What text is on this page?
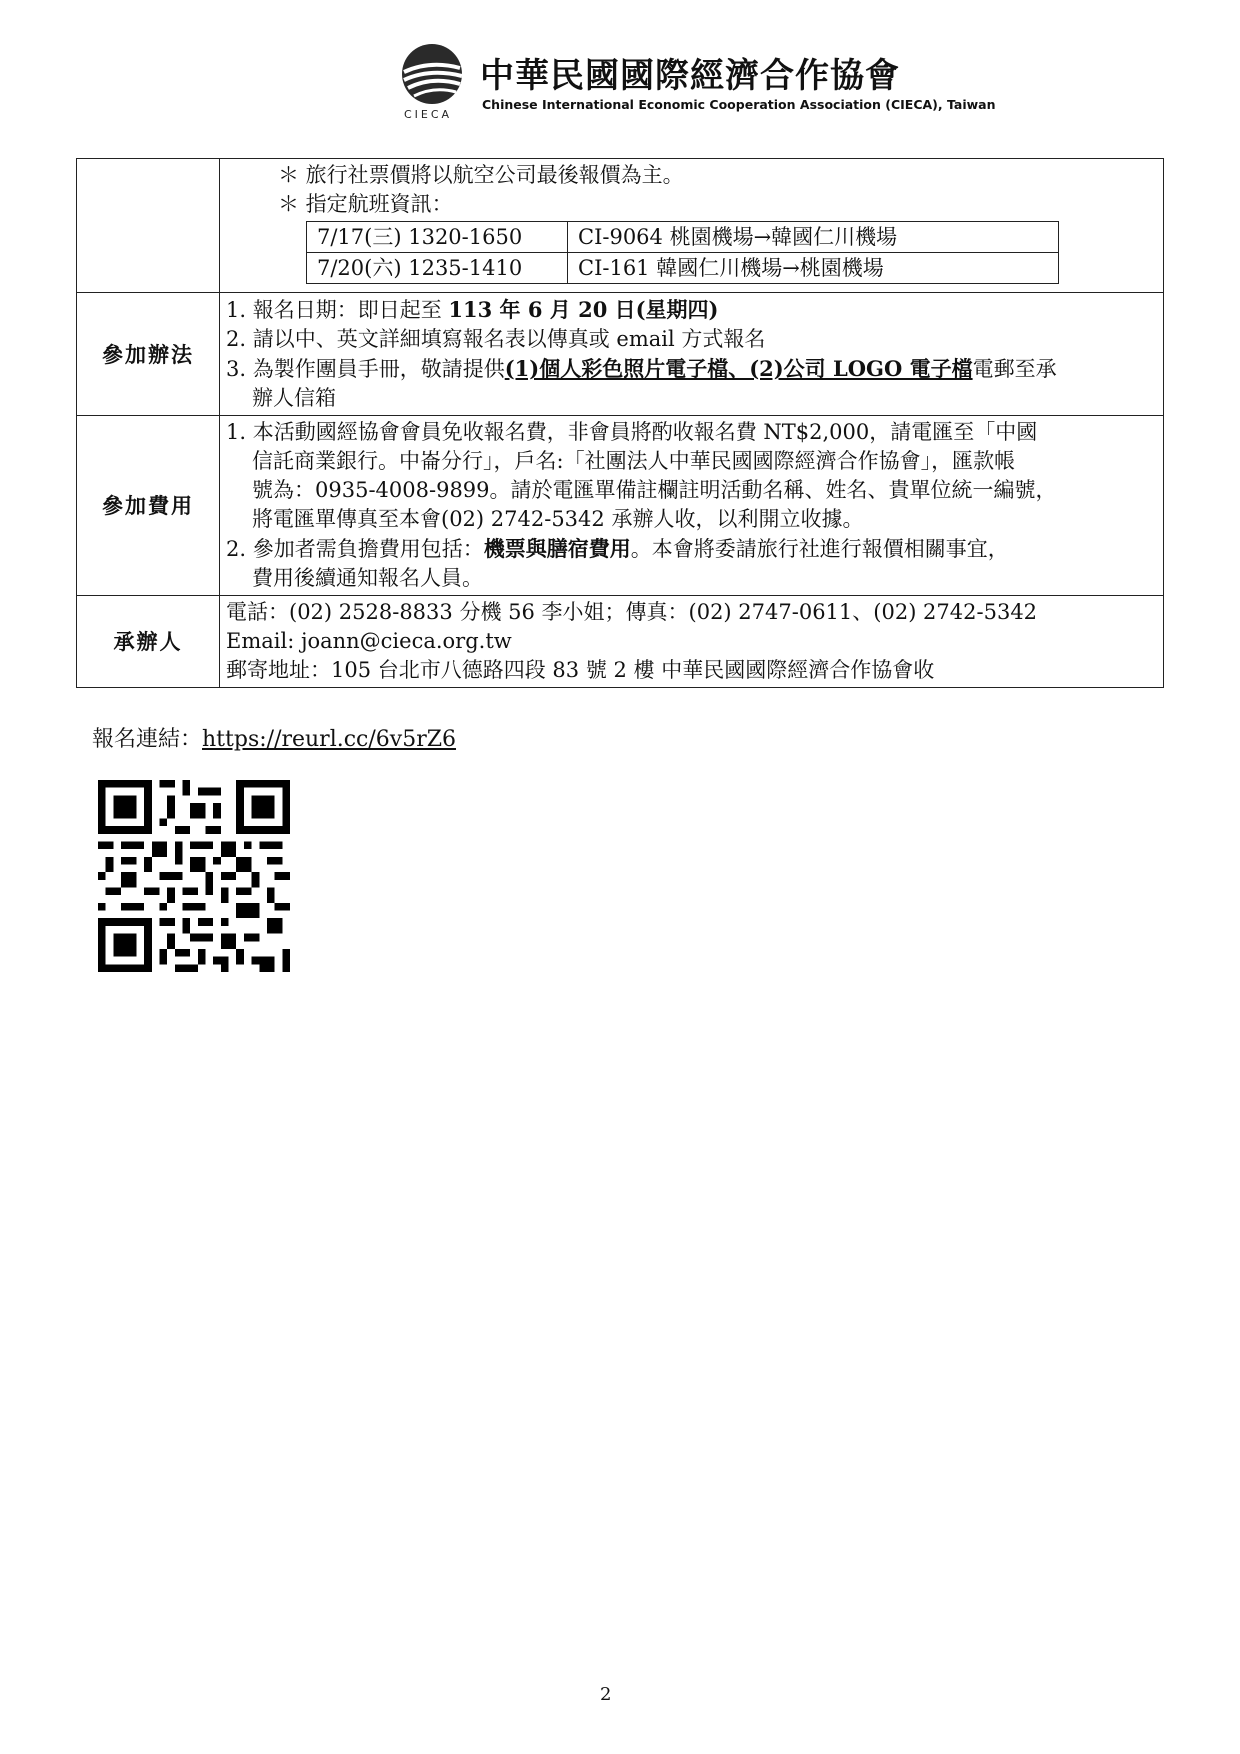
CIECA
中華民國國際經濟合作協會
Chinese International Economic Cooperation Association (CIECA), Taiwan

＊ 旅行社票價將以航空公司最後報價為主。
＊ 指定航班資訊：
7/17(三) 1320-1650	CI-9064 桃園機場→韓國仁川機場
7/20(六) 1235-1410	CI-161 韓國仁川機場→桃園機場

參加辦法	
1. 報名日期：即日起至 113 年 6 月 20 日(星期四)
2. 請以中、英文詳細填寫報名表以傳真或 email 方式報名
3. 為製作團員手冊，敬請提供(1)個人彩色照片電子檔、(2)公司 LOGO 電子檔電郵至承
辦人信箱

參加費用	
1. 本活動國經協會會員免收報名費，非會員將酌收報名費 NT$2,000，請電匯至「中國
信託商業銀行。中崙分行」，戶名:「社團法人中華民國國際經濟合作協會」，匯款帳
號為：0935-4008-9899。請於電匯單備註欄註明活動名稱、姓名、貴單位統一編號，
將電匯單傳真至本會(02) 2742-5342 承辦人收，以利開立收據。
2. 參加者需負擔費用包括：機票與膳宿費用。本會將委請旅行社進行報價相關事宜，
費用後續通知報名人員。

承辦人	
電話：(02) 2528-8833 分機 56 李小姐；傳真：(02) 2747-0611、(02) 2742-5342
Email: joann@cieca.org.tw
郵寄地址：105 台北市八德路四段 83 號 2 樓 中華民國國際經濟合作協會收
報名連結：https://reurl.cc/6v5rZ6
2
